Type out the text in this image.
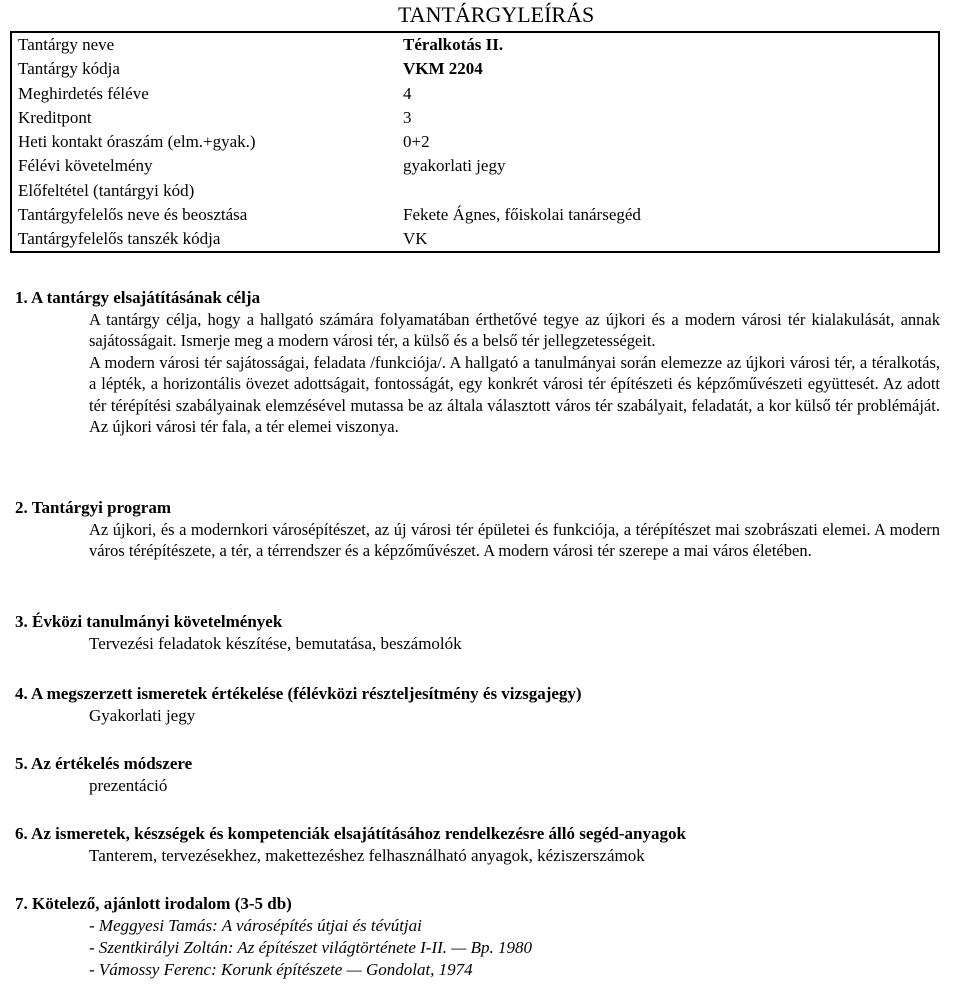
TANTÁRGYLEÍRÁS
Tantárgy neve	Téralkotás II.
Tantárgy kódja	VKM 2204
Meghirdetés féléve	4
Kreditpont	3
Heti kontakt óraszám (elm.+gyak.)	0+2
Félévi követelmény	gyakorlati jegy
Előfeltétel (tantárgyi kód)	
Tantárgyfelelős neve és beosztása	Fekete Ágnes, főiskolai tanársegéd
Tantárgyfelelős tanszék kódja	VK
1. A tantárgy elsajátításának célja

A tantárgy célja, hogy a hallgató számára folyamatában érthetővé tegye az újkori és a modern városi tér kialakulását, annak sajátosságait. Ismerje meg a modern városi tér, a külső és a belső tér jellegzetességeit.

A modern városi tér sajátosságai, feladata /funkciója/. A hallgató a tanulmányai során elemezze az újkori városi tér, a téralkotás, a lépték, a horizontális övezet adottságait, fontosságát, egy konkrét városi tér építészeti és képzőművészeti együttesét. Az adott tér térépítési szabályainak elemzésével mutassa be az általa választott város tér szabályait, feladatát, a kor külső tér problémáját. Az újkori városi tér fala, a tér elemei viszonya.

2. Tantárgyi program

Az újkori, és a modernkori városépítészet, az új városi tér épületei és funkciója, a térépítészet mai szobrászati elemei. A modern város térépítészete, a tér, a térrendszer és a képzőművészet. A modern városi tér szerepe a mai város életében.

3. Évközi tanulmányi követelmények
Tervezési feladatok készítése, bemutatása, beszámolók
4. A megszerzett ismeretek értékelése (félévközi részteljesítmény és vizsgajegy)
Gyakorlati jegy
5. Az értékelés módszere
prezentáció
6. Az ismeretek, készségek és kompetenciák elsajátításához rendelkezésre álló segéd-anyagok
Tanterem, tervezésekhez, makettezéshez felhasználható anyagok, kéziszerszámok
7. Kötelező, ajánlott irodalom (3-5 db)
- Meggyesi Tamás: A városépítés útjai és tévútjai
- Szentkirályi Zoltán: Az építészet világtörténete I-II. — Bp. 1980
- Vámossy Ferenc: Korunk építészete — Gondolat, 1974
